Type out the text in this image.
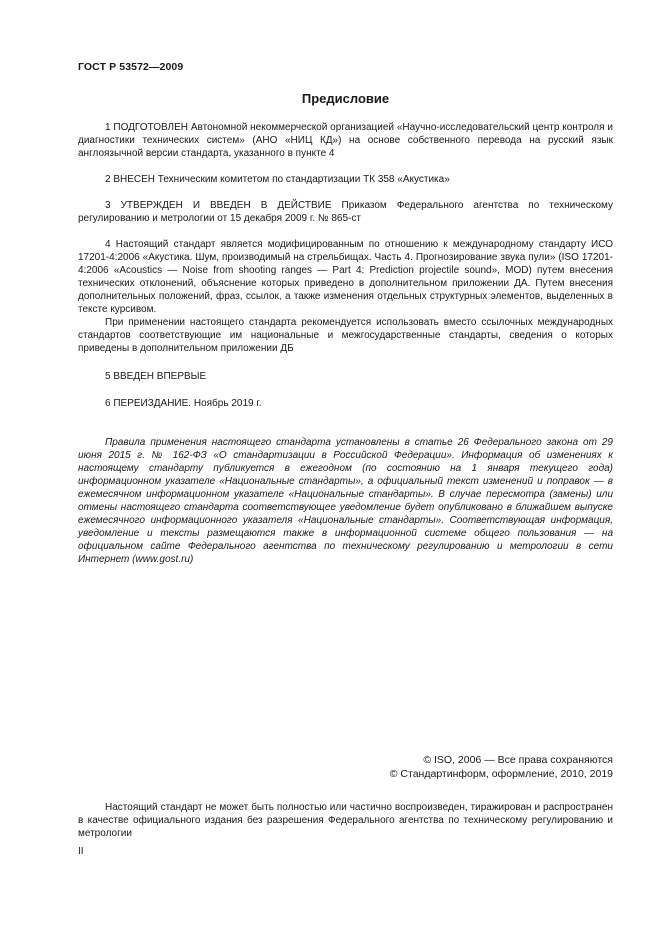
ГОСТ Р 53572—2009
Предисловие

1 ПОДГОТОВЛЕН Автономной некоммерческой организацией «Научно-исследовательский центр контроля и диагностики технических систем» (АНО «НИЦ КД») на основе собственного перевода на русский язык англоязычной версии стандарта, указанного в пункте 4

2 ВНЕСЕН Техническим комитетом по стандартизации ТК 358 «Акустика»

3 УТВЕРЖДЕН И ВВЕДЕН В ДЕЙСТВИЕ Приказом Федерального агентства по техническому регулированию и метрологии от 15 декабря 2009 г. № 865-ст

4 Настоящий стандарт является модифицированным по отношению к международному стандарту ИСО 17201-4:2006 «Акустика. Шум, производимый на стрельбищах. Часть 4. Прогнозирование звука пули» (ISO 17201-4:2006 «Acoustics — Noise from shooting ranges — Part 4: Prediction projectile sound», MOD) путем внесения технических отклонений, объяснение которых приведено в дополнительном приложении ДА. Путем внесения дополнительных положений, фраз, ссылок, а также изменения отдельных структурных элементов, выделенных в тексте курсивом.

При применении настоящего стандарта рекомендуется использовать вместо ссылочных международных стандартов соответствующие им национальные и межгосударственные стандарты, сведения о которых приведены в дополнительном приложении ДБ

5 ВВЕДЕН ВПЕРВЫЕ

6 ПЕРЕИЗДАНИЕ. Ноябрь 2019 г.

Правила применения настоящего стандарта установлены в статье 26 Федерального закона от 29 июня 2015 г. № 162-ФЗ «О стандартизации в Российской Федерации». Информация об изменениях к настоящему стандарту публикуется в ежегодном (по состоянию на 1 января текущего года) информационном указателе «Национальные стандарты», а официальный текст изменений и поправок — в ежемесячном информационном указателе «Национальные стандарты». В случае пересмотра (замены) или отмены настоящего стандарта соответствующее уведомление будет опубликовано в ближайшем выпуске ежемесячного информационного указателя «Национальные стандарты». Соответствующая информация, уведомление и тексты размещаются также в информационной системе общего пользования — на официальном сайте Федерального агентства по техническому регулированию и метрологии в сети Интернет (www.gost.ru)

© ISO, 2006 — Все права сохраняются
© Стандартинформ, оформление, 2010, 2019

Настоящий стандарт не может быть полностью или частично воспроизведен, тиражирован и распространен в качестве официального издания без разрешения Федерального агентства по техническому регулированию и метрологии

II
